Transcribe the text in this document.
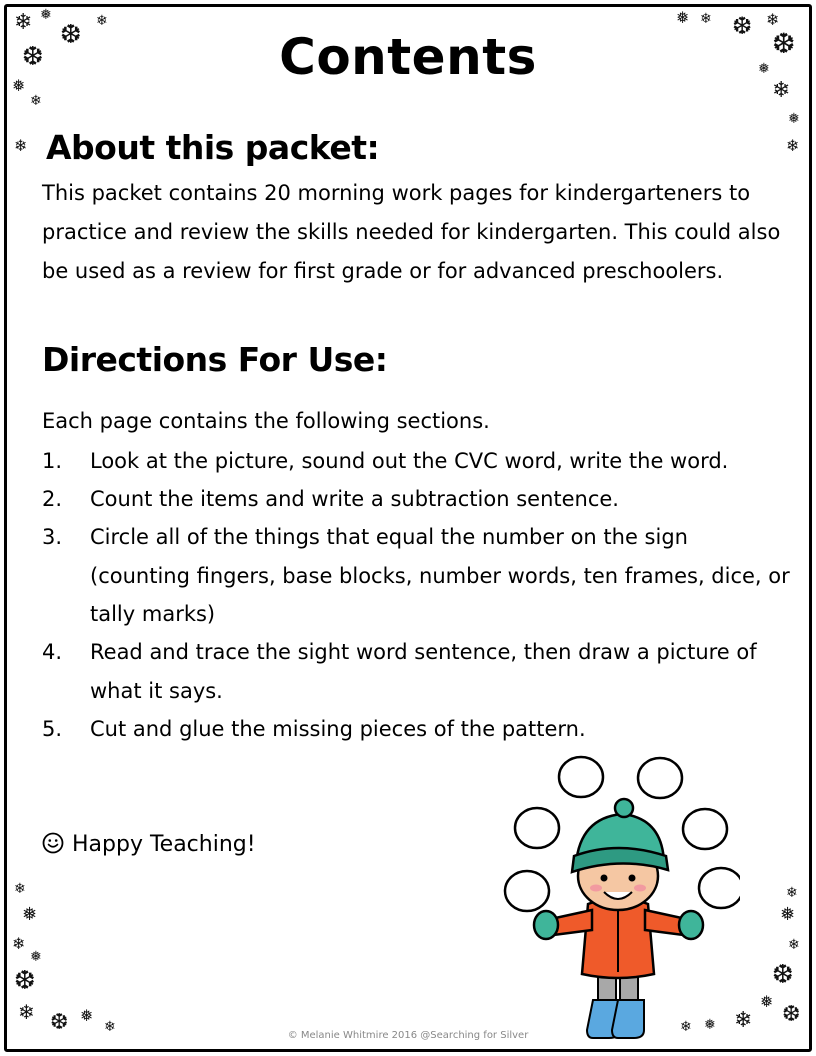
❄ ❅
❆ ❄
❆
❅
❄
❄
❅ ❄ ❆ ❄
❆
❅
❄
❅
❄
❄
❅
❄
❅
❆
❄ ❆ ❅
❄
❄
❅
❄
❆
❅
❆
❄
❅
❄
Contents
About this packet:

This packet contains 20 morning work pages for kindergarteners to practice and review the skills needed for kindergarten. This could also be used as a review for first grade or for advanced preschoolers.

Directions For Use:

Each page contains the following sections.

1. Look at the picture, sound out the CVC word, write the word.
2. Count the items and write a subtraction sentence.
3. Circle all of the things that equal the number on the sign (counting fingers, base blocks, number words, ten frames, dice, or tally marks)
4. Read and trace the sight word sentence, then draw a picture of what it says.
5. Cut and glue the missing pieces of the pattern.
Happy Teaching!
© Melanie Whitmire 2016 @Searching for Silver
